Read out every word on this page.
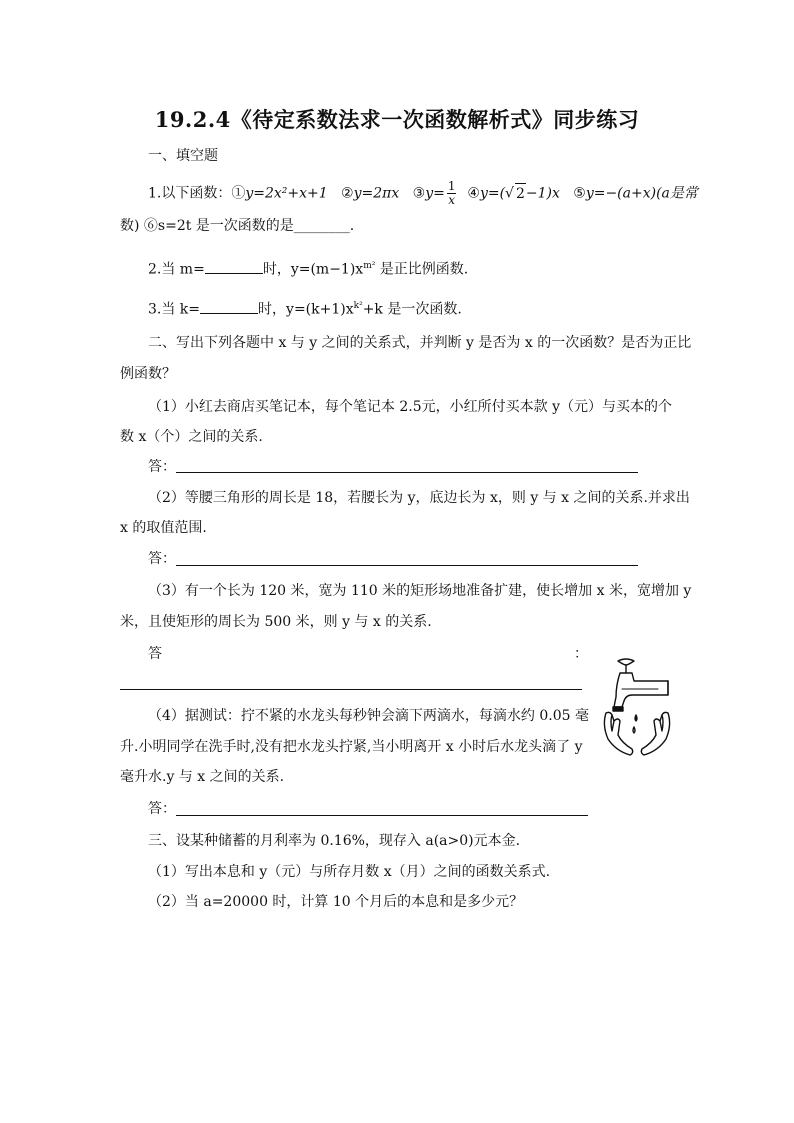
19.2.4《待定系数法求一次函数解析式》同步练习
一、填空题
1.以下函数：①y=2x²+x+1 ②y=2πx ③y= $\frac{1}{x}$ ④y=(√ 2−1)x ⑤y=−(a+x)(a是常
数) ⑥s=2t 是一次函数的是________.
2.当 m=	时，$y=(m-1)x^{m^2}$ 是正比例函数.
3.当 k=	时，$y=(k+1)x^{k^2}+k$ 是一次函数.
二、写出下列各题中 x 与 y 之间的关系式，并判断 y 是否为 x 的一次函数？是否为正比
例函数？
（1）小红去商店买笔记本，每个笔记本 2.5元，小红所付买本款 y（元）与买本的个
数 x（个）之间的关系.
答：
（2）等腰三角形的周长是 18，若腰长为 y，底边长为 x，则 y 与 x 之间的关系.并求出
x 的取值范围.
答：
（3）有一个长为 120 米，宽为 110 米的矩形场地准备扩建，使长增加 x 米，宽增加 y
米，且使矩形的周长为 500 米，则 y 与 x 的关系.
答	：
（4）据测试：拧不紧的水龙头每秒钟会滴下两滴水，每滴水约 0.05 毫
升.小明同学在洗手时,没有把水龙头拧紧,当小明离开 x 小时后水龙头滴了 y
毫升水.y 与 x 之间的关系.
答：
三、设某种储蓄的月利率为 0.16%，现存入 a(a>0)元本金.
（1）写出本息和 y（元）与所存月数 x（月）之间的函数关系式.
（2）当 a=20000 时，计算 10 个月后的本息和是多少元？
